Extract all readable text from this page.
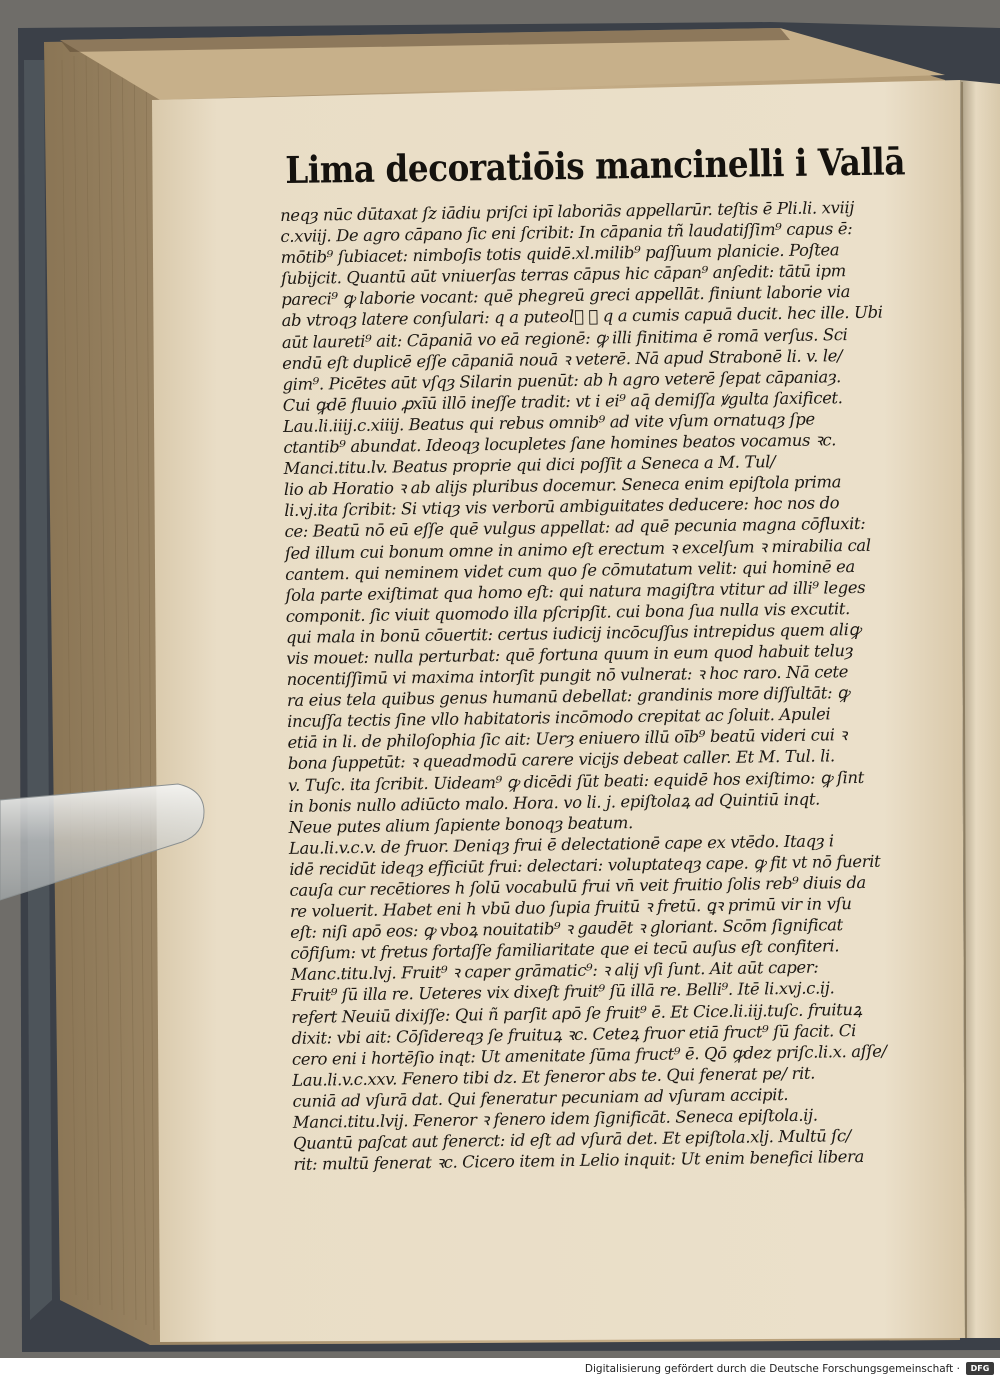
Lima decoratiōis mancinelli i Vallā
neqȝ nūc dūtaxat ſz iādiu priſci ipī laboriās appellarūr. teſtis ē Pli.li. xviij
c.xviij. De agro cāpano ſic eni ſcribit: In cāpania tñ laudatiſſim⁹ capus ē:
mōtib⁹ ſubiacet: nimboſis totis quidē.xl.milib⁹ paſſuum planicie. Poſtea
ſubijcit. Quantū aūt vniuerſas terras cāpus hic cāpan⁹ anſedit: tātū ipm
pareci⁹ ꝙ laborie vocant: quē phegreū greci appellāt. finiunt laborie via
ab vtroqȝ latere conſulari: q a puteol᷑ ꝛ q a cumis capuā ducit. hec ille. Ubi
aūt laureti⁹ ait: Cāpaniā vo eā regionē: ꝙ illi finitima ē romā verſus. Sci
endū eſt duplicē eſſe cāpaniā nouā ꝛ veterē. Nā apud Strabonē li. v. le/
gim⁹. Picētes aūt vſqȝ Silarin puenūt: ab h agro veterē ſepat cāpaniaȝ.
Cui ꝙdē fluuio ꝓxīū illō ineſſe tradit: vt i ei⁹ aq̄ demiſſa ꝟgulta ſaxificet.
Lau.li.iiij.c.xiiij. Beatus qui rebus omnib⁹ ad vite vſum ornatuqȝ ſpe
ctantib⁹ abundat. Ideoqȝ locupletes ſane homines beatos vocamus ꝛc.
Manci.titu.lv. Beatus proprie qui dici poſſit a Seneca a M. Tul/
lio ab Horatio ꝛ ab alijs pluribus docemur. Seneca enim epiſtola prima
li.vj.ita ſcribit: Si vtiqȝ vis verborū ambiguitates deducere: hoc nos do
ce: Beatū nō eū eſſe quē vulgus appellat: ad quē pecunia magna cōfluxit:
ſed illum cui bonum omne in animo eſt erectum ꝛ excelſum ꝛ mirabilia cal
cantem. qui neminem videt cum quo ſe cōmutatum velit: qui hominē ea
ſola parte exiſtimat qua homo eſt: qui natura magiſtra vtitur ad illi⁹ leges
componit. ſic viuit quomodo illa pſcripſit. cui bona ſua nulla vis excutit.
qui mala in bonū cōuertit: certus iudicij incōcuſſus intrepidus quem aliꝙ
vis mouet: nulla perturbat: quē fortuna quum in eum quod habuit teluȝ
nocentiſſimū vi maxima intorſit pungit nō vulnerat: ꝛ hoc raro. Nā cete
ra eius tela quibus genus humanū debellat: grandinis more diſſultāt: ꝙ
incuſſa tectis ſine vllo habitatoris incōmodo crepitat ac ſoluit. Apulei
etiā in li. de philoſophia ſic ait: Uerȝ eniuero illū oīb⁹ beatū videri cui ꝛ
bona ſuppetūt: ꝛ queadmodū carere vicijs debeat caller. Et M. Tul. li.
v. Tuſc. ita ſcribit. Uideam⁹ ꝙ dicēdi ſūt beati: equidē hos exiſtimo: ꝙ ſint
in bonis nullo adiūcto malo. Hora. vo li. j. epiſtolaꝝ ad Quintiū inqt.
Neue putes alium ſapiente bonoqȝ beatum.
Lau.li.v.c.v. de fruor. Deniqȝ frui ē delectationē cape ex vtēdo. Itaqȝ i
idē recidūt ideqȝ efficiūt frui: delectari: voluptateqȝ cape. ꝙ fit vt nō fuerit
cauſa cur recētiores h ſolū vocabulū frui vn̄ veit fruitio ſolis reb⁹ diuis da
re voluerit. Habet eni h vbū duo ſupia fruitū ꝛ fretū. ꝗꝛ primū vir in vſu
eſt: niſi apō eos: ꝙ vboꝝ nouitatib⁹ ꝛ gaudēt ꝛ gloriant. Scōm ſignificat
cōfiſum: vt fretus fortaſſe familiaritate que ei tecū auſus eſt confiteri.
Manc.titu.lvj. Fruit⁹ ꝛ caper grāmatic⁹: ꝛ alij vſi ſunt. Ait aūt caper:
Fruit⁹ ſū illa re. Ueteres vix dixeſt fruit⁹ ſū illā re. Belli⁹. Itē li.xvj.c.ij.
refert Neuiū dixiſſe: Qui ñ parſit apō ſe fruit⁹ ē. Et Cice.li.iij.tuſc. fruituꝝ
dixit: vbi ait: Cōſidereqȝ ſe fruituꝝ ꝛc. Ceteꝝ fruor etiā fruct⁹ ſū facit. Ci
cero eni i hortēſio inqt: Ut amenitate ſūma fruct⁹ ē. Qō ꝙdez priſc.li.x. aſſe/
Lau.li.v.c.xxv. Fenero tibi dz. Et feneror abs te. Qui fenerat pe/ rit.
cuniā ad vſurā dat. Qui feneratur pecuniam ad vſuram accipit.
Manci.titu.lvij. Feneror ꝛ fenero idem ſignificāt. Seneca epiſtola.ij.
Quantū paſcat aut fenerct: id eſt ad vſurā det. Et epiſtola.xlj. Multū ſc/
rit: multū fenerat ꝛc. Cicero item in Lelio inquit: Ut enim benefici libera
Digitalisierung gefördert durch die Deutsche Forschungsgemeinschaft ·	DFG
